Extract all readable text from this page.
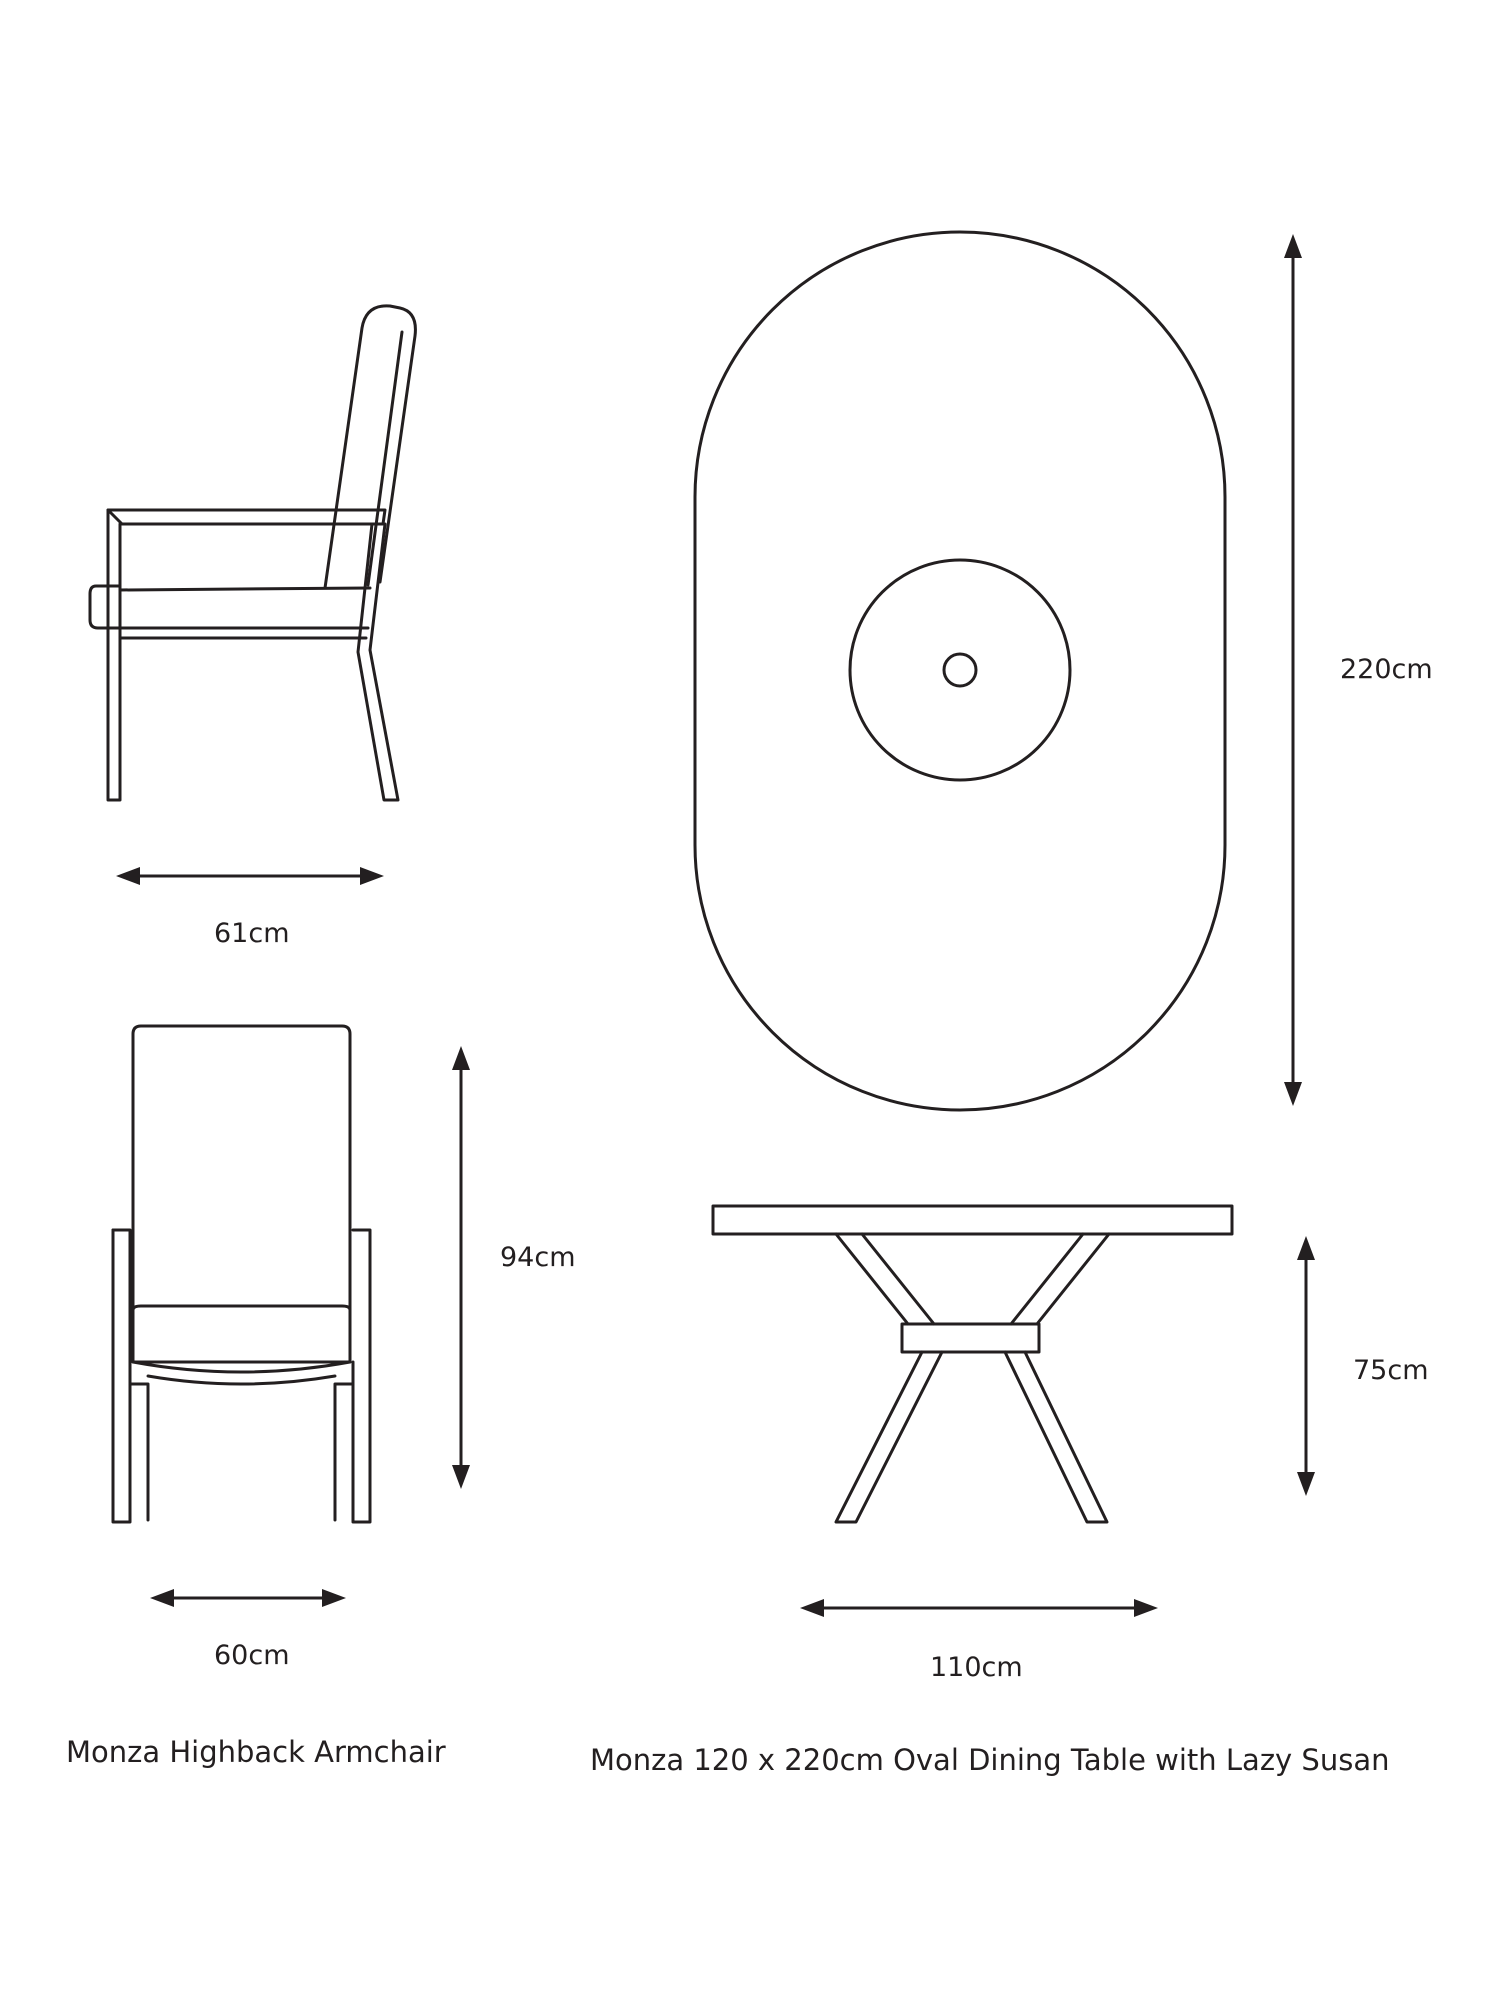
61cm
60cm
94cm
220cm
75cm
110cm
Monza Highback Armchair	Monza 120 x 220cm Oval Dining Table with Lazy Susan
